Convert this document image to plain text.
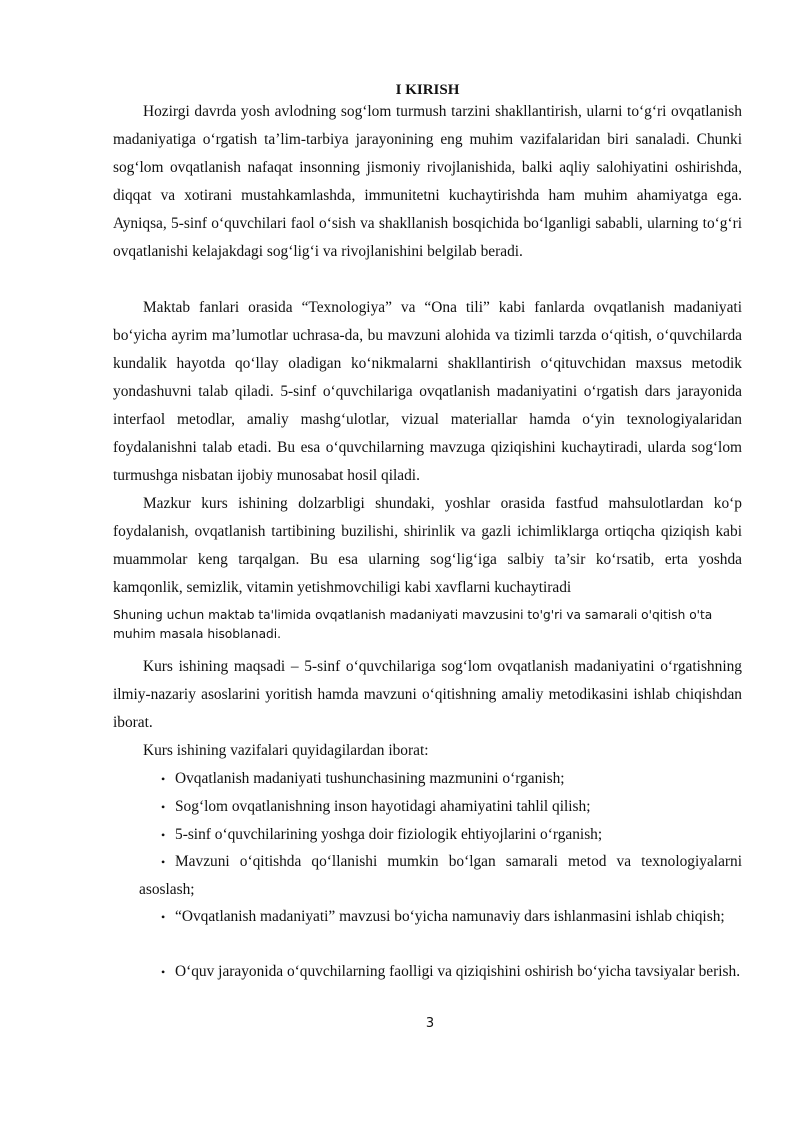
I KIRISH

Hozirgi davrda yosh avlodning sog‘lom turmush tarzini shakllantirish, ularni to‘g‘ri ovqatlanish madaniyatiga o‘rgatish ta’lim-tarbiya jarayonining eng muhim vazifalaridan biri sanaladi. Chunki sog‘lom ovqatlanish nafaqat insonning jismoniy rivojlanishida, balki aqliy salohiyatini oshirishda, diqqat va xotirani mustahkamlashda, immunitetni kuchaytirishda ham muhim ahamiyatga ega. Ayniqsa, 5-sinf o‘quvchilari faol o‘sish va shakllanish bosqichida bo‘lganligi sababli, ularning to‘g‘ri ovqatlanishi kelajakdagi sog‘lig‘i va rivojlanishini belgilab beradi.

Maktab fanlari orasida “Texnologiya” va “Ona tili” kabi fanlarda ovqatlanish madaniyati bo‘yicha ayrim ma’lumotlar uchrasa-da, bu mavzuni alohida va tizimli tarzda o‘qitish, o‘quvchilarda kundalik hayotda qo‘llay oladigan ko‘nikmalarni shakllantirish o‘qituvchidan maxsus metodik yondashuvni talab qiladi. 5-sinf o‘quvchilariga ovqatlanish madaniyatini o‘rgatish dars jarayonida interfaol metodlar, amaliy mashg‘ulotlar, vizual materiallar hamda o‘yin texnologiyalaridan foydalanishni talab etadi. Bu esa o‘quvchilarning mavzuga qiziqishini kuchaytiradi, ularda sog‘lom turmushga nisbatan ijobiy munosabat hosil qiladi.

Mazkur kurs ishining dolzarbligi shundaki, yoshlar orasida fastfud mahsulotlardan ko‘p foydalanish, ovqatlanish tartibining buzilishi, shirinlik va gazli ichimliklarga ortiqcha qiziqish kabi muammolar keng tarqalgan. Bu esa ularning sog‘lig‘iga salbiy ta’sir ko‘rsatib, erta yoshda kamqonlik, semizlik, vitamin yetishmovchiligi kabi xavflarni kuchaytiradi

Shuning uchun maktab ta'limida ovqatlanish madaniyati mavzusini to'g'ri va samarali o'qitish o'ta muhim masala hisoblanadi.

Kurs ishining maqsadi – 5-sinf o‘quvchilariga sog‘lom ovqatlanish madaniyatini o‘rgatishning ilmiy-nazariy asoslarini yoritish hamda mavzuni o‘qitishning amaliy metodikasini ishlab chiqishdan iborat.

Kurs ishining vazifalari quyidagilardan iborat:

• Ovqatlanish madaniyati tushunchasining mazmunini o‘rganish;
• Sog‘lom ovqatlanishning inson hayotidagi ahamiyatini tahlil qilish;
• 5-sinf o‘quvchilarining yoshga doir fiziologik ehtiyojlarini o‘rganish;
• Mavzuni o‘qitishda qo‘llanishi mumkin bo‘lgan samarali metod va texnologiyalarni asoslash;
• “Ovqatlanish madaniyati” mavzusi bo‘yicha namunaviy dars ishlanmasini ishlab chiqish;
• O‘quv jarayonida o‘quvchilarning faolligi va qiziqishini oshirish bo‘yicha tavsiyalar berish.
3
